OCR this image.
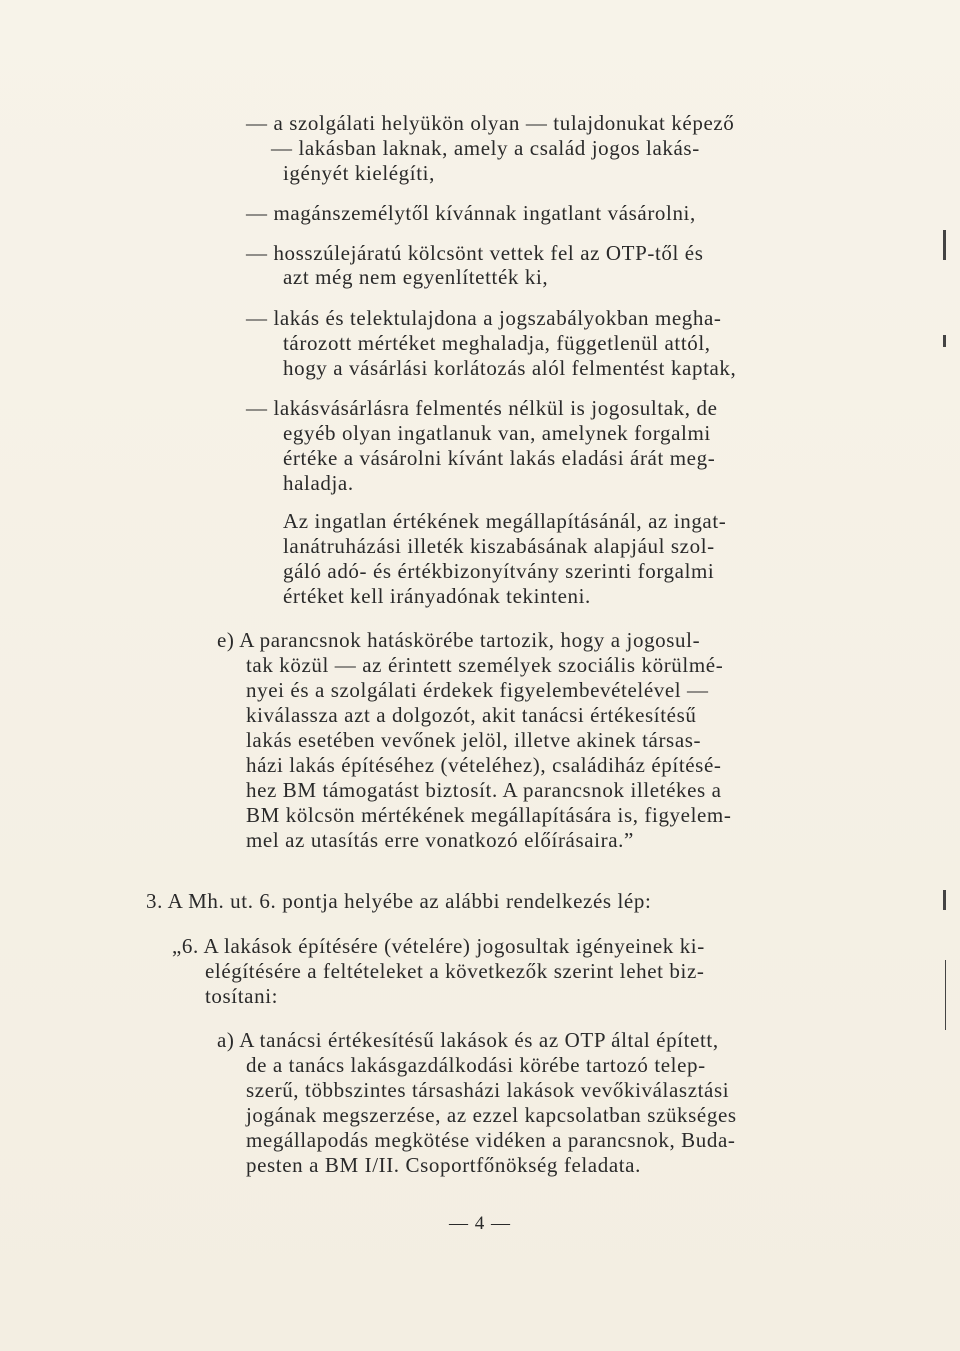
— a szolgálati helyükön olyan — tulajdonukat képező
— lakásban laknak, amely a család jogos lakás-
igényét kielégíti,
— magánszemélytől kívánnak ingatlant vásárolni,
— hosszúlejáratú kölcsönt vettek fel az OTP-től és
azt még nem egyenlítették ki,
— lakás és telektulajdona a jogszabályokban megha-
tározott mértéket meghaladja, függetlenül attól,
hogy a vásárlási korlátozás alól felmentést kaptak,
— lakásvásárlásra felmentés nélkül is jogosultak, de
egyéb olyan ingatlanuk van, amelynek forgalmi
értéke a vásárolni kívánt lakás eladási árát meg-
haladja.
Az ingatlan értékének megállapításánál, az ingat-
lanátruházási illeték kiszabásának alapjául szol-
gáló adó- és értékbizonyítvány szerinti forgalmi
értéket kell irányadónak tekinteni.
e) A parancsnok hatáskörébe tartozik, hogy a jogosul-
tak közül — az érintett személyek szociális körülmé-
nyei és a szolgálati érdekek figyelembevételével —
kiválassza azt a dolgozót, akit tanácsi értékesítésű
lakás esetében vevőnek jelöl, illetve akinek társas-
házi lakás építéséhez (vételéhez), családiház építésé-
hez BM támogatást biztosít. A parancsnok illetékes a
BM kölcsön mértékének megállapítására is, figyelem-
mel az utasítás erre vonatkozó előírásaira.”
3. A Mh. ut. 6. pontja helyébe az alábbi rendelkezés lép:
„6. A lakások építésére (vételére) jogosultak igényeinek ki-
elégítésére a feltételeket a következők szerint lehet biz-
tosítani:
a) A tanácsi értékesítésű lakások és az OTP által épített,
de a tanács lakásgazdálkodási körébe tartozó telep-
szerű, többszintes társasházi lakások vevőkiválasztási
jogának megszerzése, az ezzel kapcsolatban szükséges
megállapodás megkötése vidéken a parancsnok, Buda-
pesten a BM I/II. Csoportfőnökség feladata.
— 4 —
